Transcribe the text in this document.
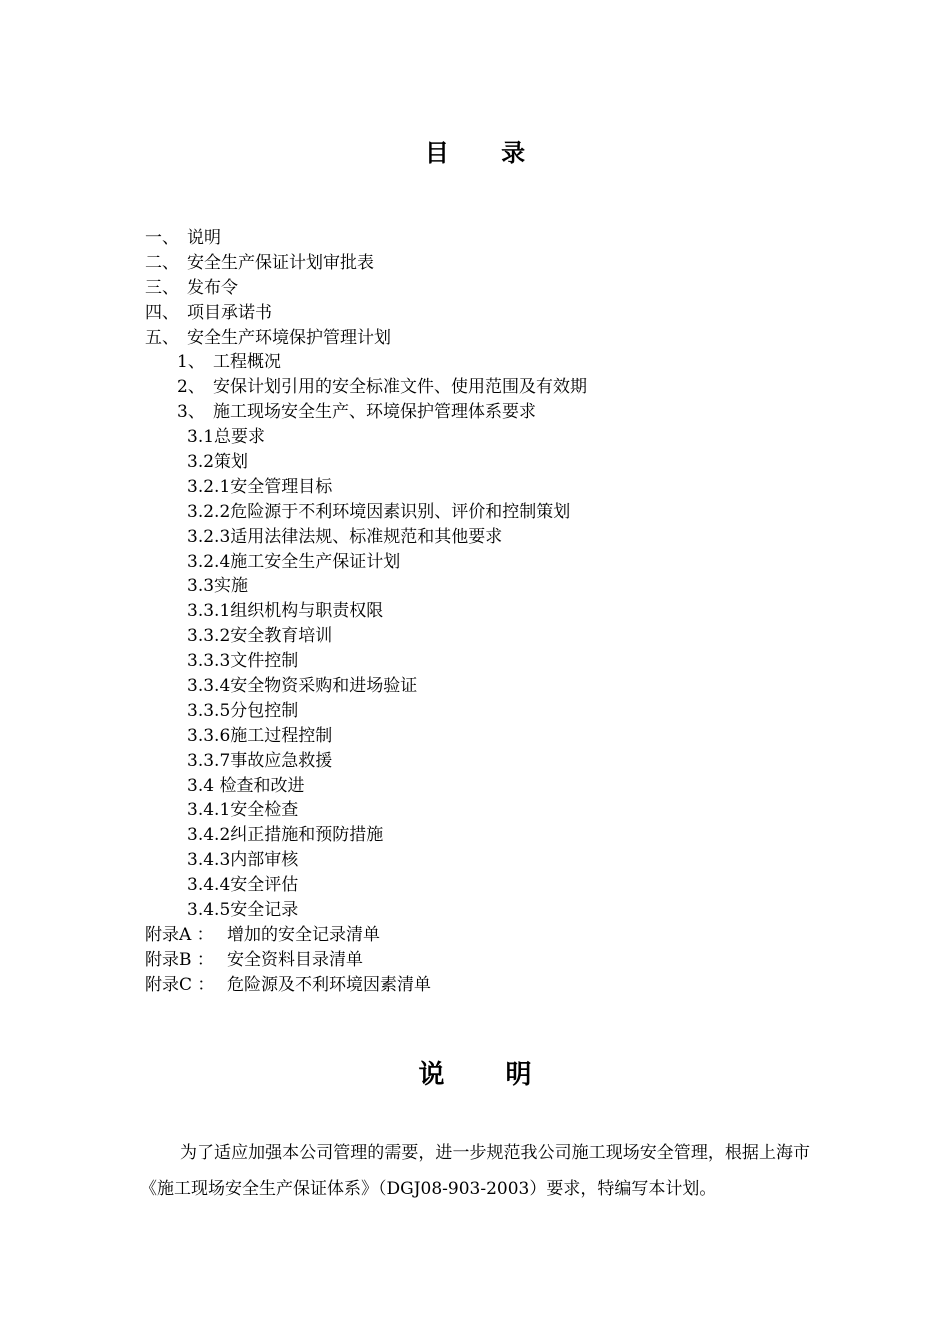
目 录
一、 说明
二、 安全生产保证计划审批表
三、 发布令
四、 项目承诺书
五、 安全生产环境保护管理计划
1、 工程概况
2、 安保计划引用的安全标准文件、使用范围及有效期
3、 施工现场安全生产、环境保护管理体系要求
3.1总要求
3.2策划
3.2.1安全管理目标
3.2.2危险源于不利环境因素识别、评价和控制策划
3.2.3适用法律法规、标准规范和其他要求
3.2.4施工安全生产保证计划
3.3实施
3.3.1组织机构与职责权限
3.3.2安全教育培训
3.3.3文件控制
3.3.4安全物资采购和进场验证
3.3.5分包控制
3.3.6施工过程控制
3.3.7事故应急救援
3.4 检查和改进
3.4.1安全检查
3.4.2纠正措施和预防措施
3.4.3内部审核
3.4.4安全评估
3.4.5安全记录
附录A ： 增加的安全记录清单
附录B ： 安全资料目录清单
附录C ： 危险源及不利环境因素清单
说 明

为了适应加强本公司管理的需要，进一步规范我公司施工现场安全管理，根据上海市《施工现场安全生产保证体系》（DGJ08-903-2003）要求，特编写本计划。
